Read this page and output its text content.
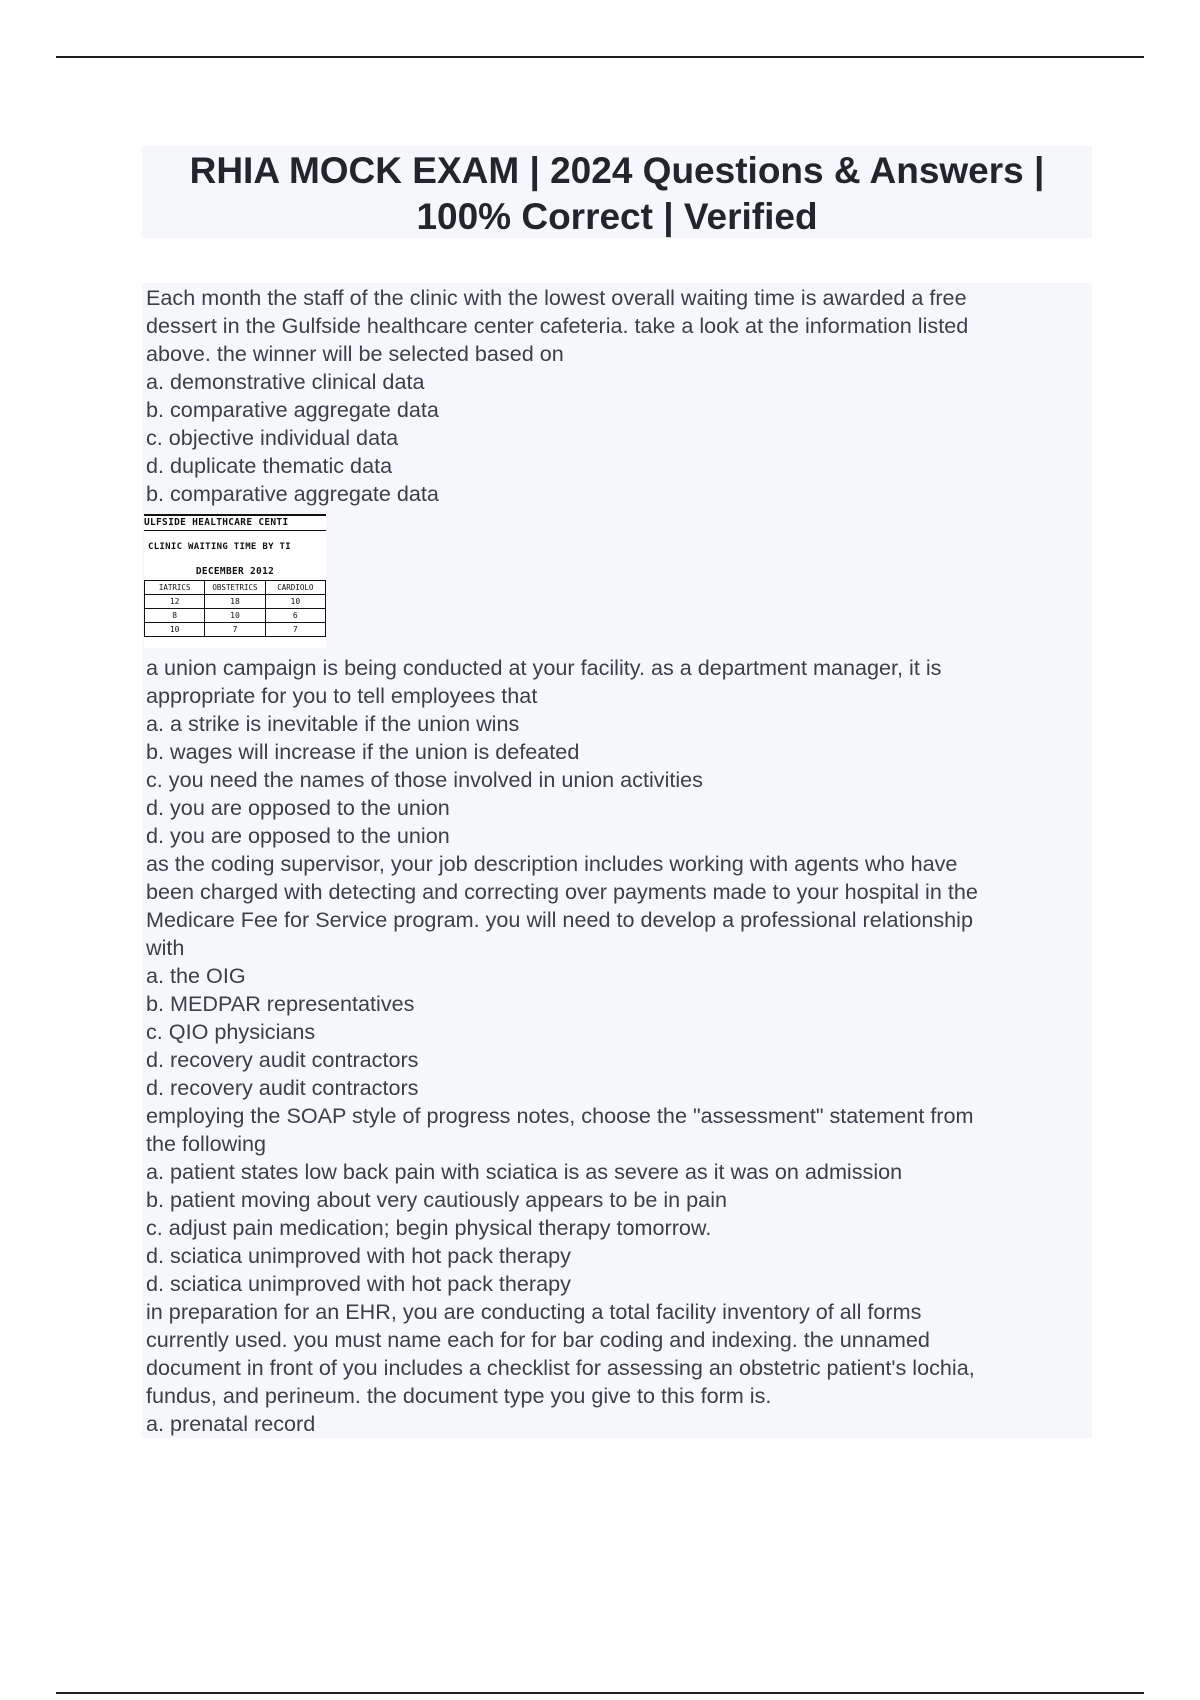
RHIA MOCK EXAM | 2024 Questions & Answers |
100% Correct | Verified
Each month the staff of the clinic with the lowest overall waiting time is awarded a free
dessert in the Gulfside healthcare center cafeteria. take a look at the information listed
above. the winner will be selected based on
a. demonstrative clinical data
b. comparative aggregate data
c. objective individual data
d. duplicate thematic data
b. comparative aggregate data
ULFSIDE HEALTHCARE CENTI
CLINIC WAITING TIME BY TI
DECEMBER 2012
IATRICS	OBSTETRICS	CARDIOLO
12	18	10
8	10	6
10	7	7
a union campaign is being conducted at your facility. as a department manager, it is
appropriate for you to tell employees that
a. a strike is inevitable if the union wins
b. wages will increase if the union is defeated
c. you need the names of those involved in union activities
d. you are opposed to the union
d. you are opposed to the union
as the coding supervisor, your job description includes working with agents who have
been charged with detecting and correcting over payments made to your hospital in the
Medicare Fee for Service program. you will need to develop a professional relationship
with
a. the OIG
b. MEDPAR representatives
c. QIO physicians
d. recovery audit contractors
d. recovery audit contractors
employing the SOAP style of progress notes, choose the "assessment" statement from
the following
a. patient states low back pain with sciatica is as severe as it was on admission
b. patient moving about very cautiously appears to be in pain
c. adjust pain medication; begin physical therapy tomorrow.
d. sciatica unimproved with hot pack therapy
d. sciatica unimproved with hot pack therapy
in preparation for an EHR, you are conducting a total facility inventory of all forms
currently used. you must name each for for bar coding and indexing. the unnamed
document in front of you includes a checklist for assessing an obstetric patient's lochia,
fundus, and perineum. the document type you give to this form is.
a. prenatal record
